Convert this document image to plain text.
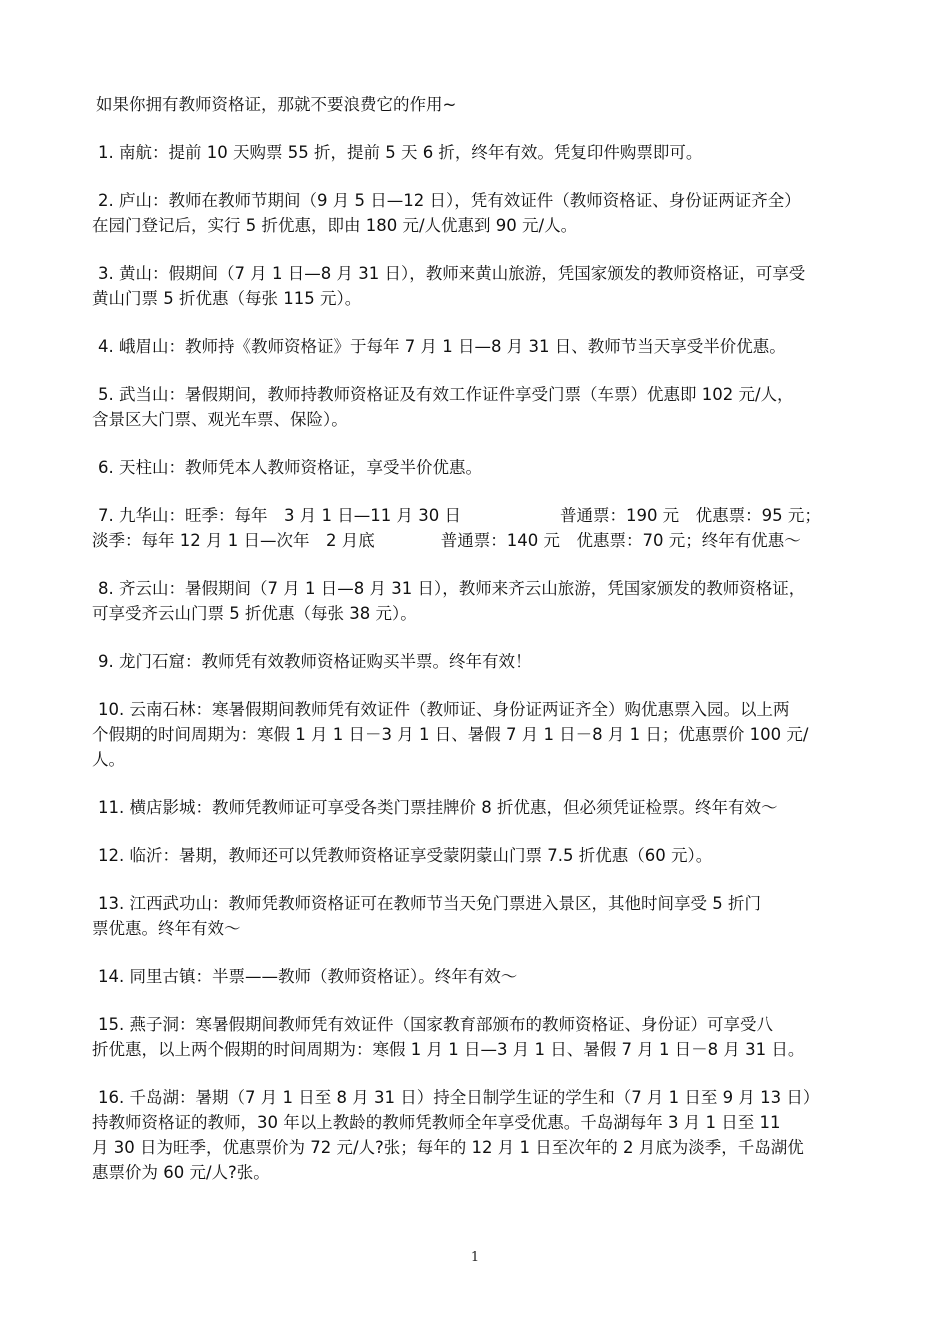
如果你拥有教师资格证，那就不要浪费它的作用~

1. 南航：提前 10 天购票 55 折，提前 5 天 6 折，终年有效。凭复印件购票即可。
2. 庐山：教师在教师节期间（9 月 5 日—12 日），凭有效证件（教师资格证、身份证两证齐全）
在园门登记后，实行 5 折优惠，即由 180 元/人优惠到 90 元/人。
3. 黄山：假期间（7 月 1 日—8 月 31 日），教师来黄山旅游，凭国家颁发的教师资格证，可享受
黄山门票 5 折优惠（每张 115 元）。
4. 峨眉山：教师持《教师资格证》于每年 7 月 1 日—8 月 31 日、教师节当天享受半价优惠。
5. 武当山：暑假期间，教师持教师资格证及有效工作证件享受门票（车票）优惠即 102 元/人，
含景区大门票、观光车票、保险）。
6. 天柱山：教师凭本人教师资格证，享受半价优惠。
7. 九华山：旺季：每年　3 月 1 日—11 月 30 日　　　　　　普通票：190 元　优惠票：95 元；
淡季：每年 12 月 1 日—次年　2 月底　　　　普通票：140 元　优惠票：70 元；终年有优惠～
8. 齐云山：暑假期间（7 月 1 日—8 月 31 日），教师来齐云山旅游，凭国家颁发的教师资格证，
可享受齐云山门票 5 折优惠（每张 38 元）。
9. 龙门石窟：教师凭有效教师资格证购买半票。终年有效！
10. 云南石林：寒暑假期间教师凭有效证件（教师证、身份证两证齐全）购优惠票入园。以上两
个假期的时间周期为：寒假 1 月 1 日－3 月 1 日、暑假 7 月 1 日－8 月 1 日；优惠票价 100 元/
人。
11. 横店影城：教师凭教师证可享受各类门票挂牌价 8 折优惠，但必须凭证检票。终年有效～
12. 临沂：暑期，教师还可以凭教师资格证享受蒙阴蒙山门票 7.5 折优惠（60 元）。
13. 江西武功山：教师凭教师资格证可在教师节当天免门票进入景区，其他时间享受 5 折门
票优惠。终年有效～
14. 同里古镇：半票——教师（教师资格证）。终年有效～
15. 燕子洞：寒暑假期间教师凭有效证件（国家教育部颁布的教师资格证、身份证）可享受八
折优惠，以上两个假期的时间周期为：寒假 1 月 1 日—3 月 1 日、暑假 7 月 1 日－8 月 31 日。
16. 千岛湖：暑期（7 月 1 日至 8 月 31 日）持全日制学生证的学生和（7 月 1 日至 9 月 13 日）
持教师资格证的教师，30 年以上教龄的教师凭教师全年享受优惠。千岛湖每年 3 月 1 日至 11
月 30 日为旺季，优惠票价为 72 元/人?张；每年的 12 月 1 日至次年的 2 月底为淡季，千岛湖优
惠票价为 60 元/人?张。
1
